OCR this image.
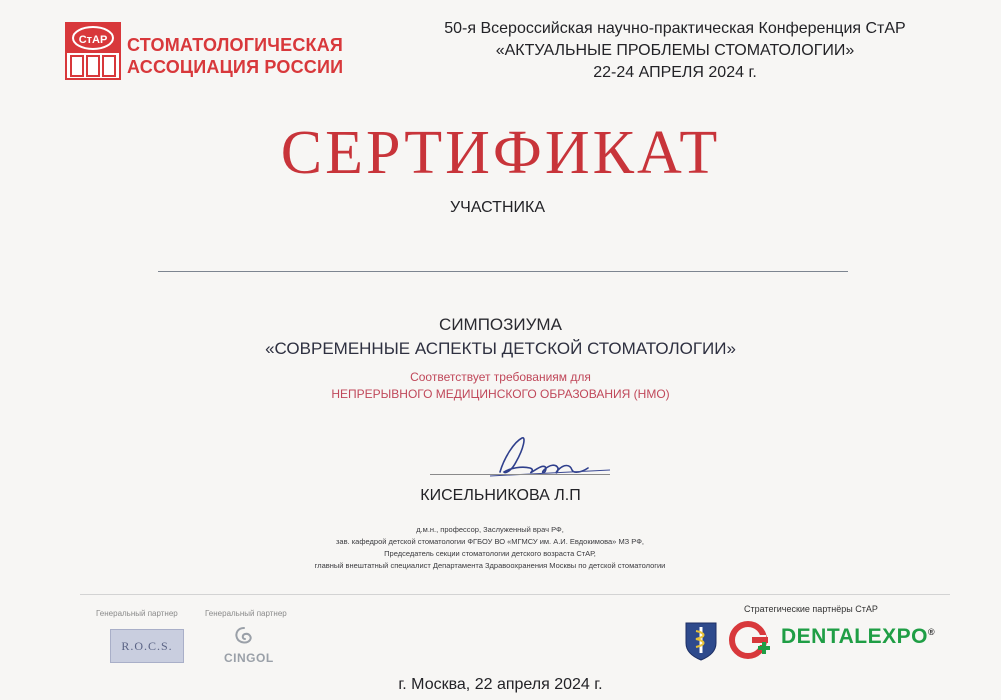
СтАР СТОМАТОЛОГИЧЕСКАЯ
АССОЦИАЦИЯ РОССИИ
50-я Всероссийская научно-практическая Конференция СтАР
«АКТУАЛЬНЫЕ ПРОБЛЕМЫ СТОМАТОЛОГИИ»
22-24 АПРЕЛЯ 2024 г.
СЕРТИФИКАТ
УЧАСТНИКА
СИМПОЗИУМА
«СОВРЕМЕННЫЕ АСПЕКТЫ ДЕТСКОЙ СТОМАТОЛОГИИ»
Соответствует требованиям для
НЕПРЕРЫВНОГО МЕДИЦИНСКОГО ОБРАЗОВАНИЯ (НМО)
КИСЕЛЬНИКОВА Л.П
д.м.н., профессор, Заслуженный врач РФ,
зав. кафедрой детской стоматологии ФГБОУ ВО «МГМСУ им. А.И. Евдокимова» МЗ РФ,
Председатель секции стоматологии детского возраста СтАР,
главный внештатный специалист Департамента Здравоохранения Москвы по детской стоматологии
Генеральный партнер	Генеральный партнер
R.O.C.S.
CINGOL
Стратегические партнёры СтАР
DENTALEXPO®
г. Москва, 22 апреля 2024 г.
